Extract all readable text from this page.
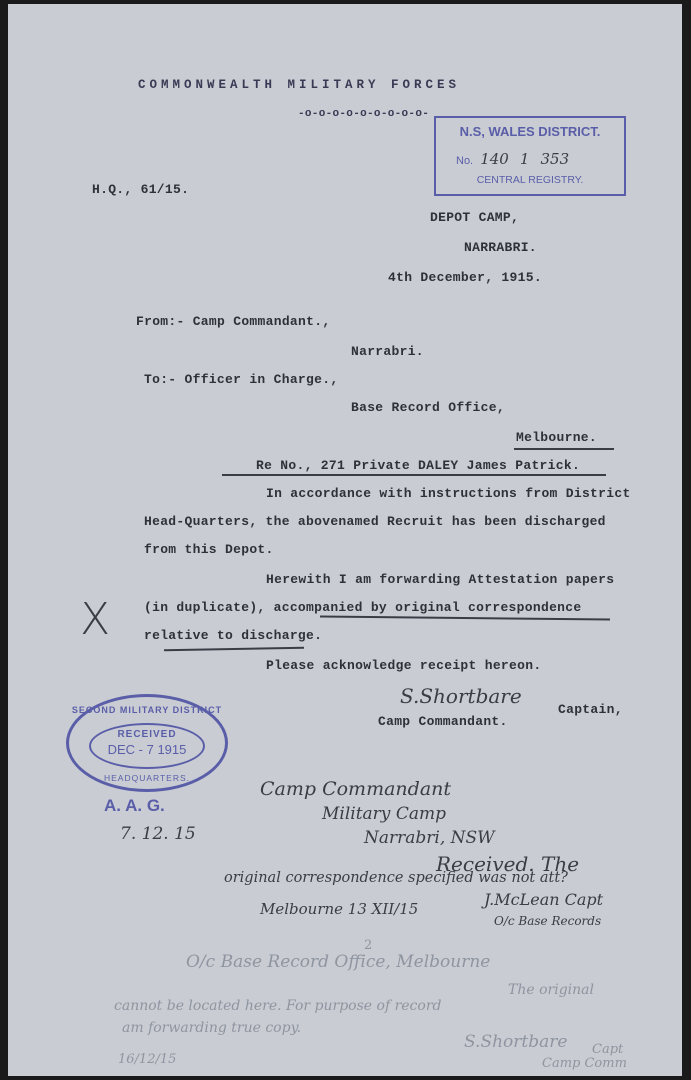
COMMONWEALTH MILITARY FORCES
-o-o-o-o-o-o-o-o-o-
N.S, WALES DISTRICT.
No. 140 1 353
CENTRAL REGISTRY.
H.Q., 61/15.
DEPOT CAMP,
NARRABRI.
4th December, 1915.
From:- Camp Commandant.,
Narrabri.
To:- Officer in Charge.,
Base Record Office,
Melbourne.
Re No., 271 Private DALEY James Patrick.
In accordance with instructions from District
Head-Quarters, the abovenamed Recruit has been discharged
from this Depot.
Herewith I am forwarding Attestation papers
(in duplicate), accompanied by original correspondence
relative to discharge.
X
Please acknowledge receipt hereon.
S.Shortbare
Captain,
Camp Commandant.
SECOND MILITARY DISTRICT
RECEIVED
DEC - 7 1915
HEADQUARTERS.
A. A. G.
7. 12. 15
Camp Commandant
Military Camp
Narrabri, NSW
Received. The
original correspondence specified was not att?
J.McLean Capt
O/c Base Records
Melbourne 13 XII/15
2
O/c Base Record Office, Melbourne
The original
cannot be located here. For purpose of record
am forwarding true copy.
S.Shortbare Capt
Camp Comm
16/12/15
